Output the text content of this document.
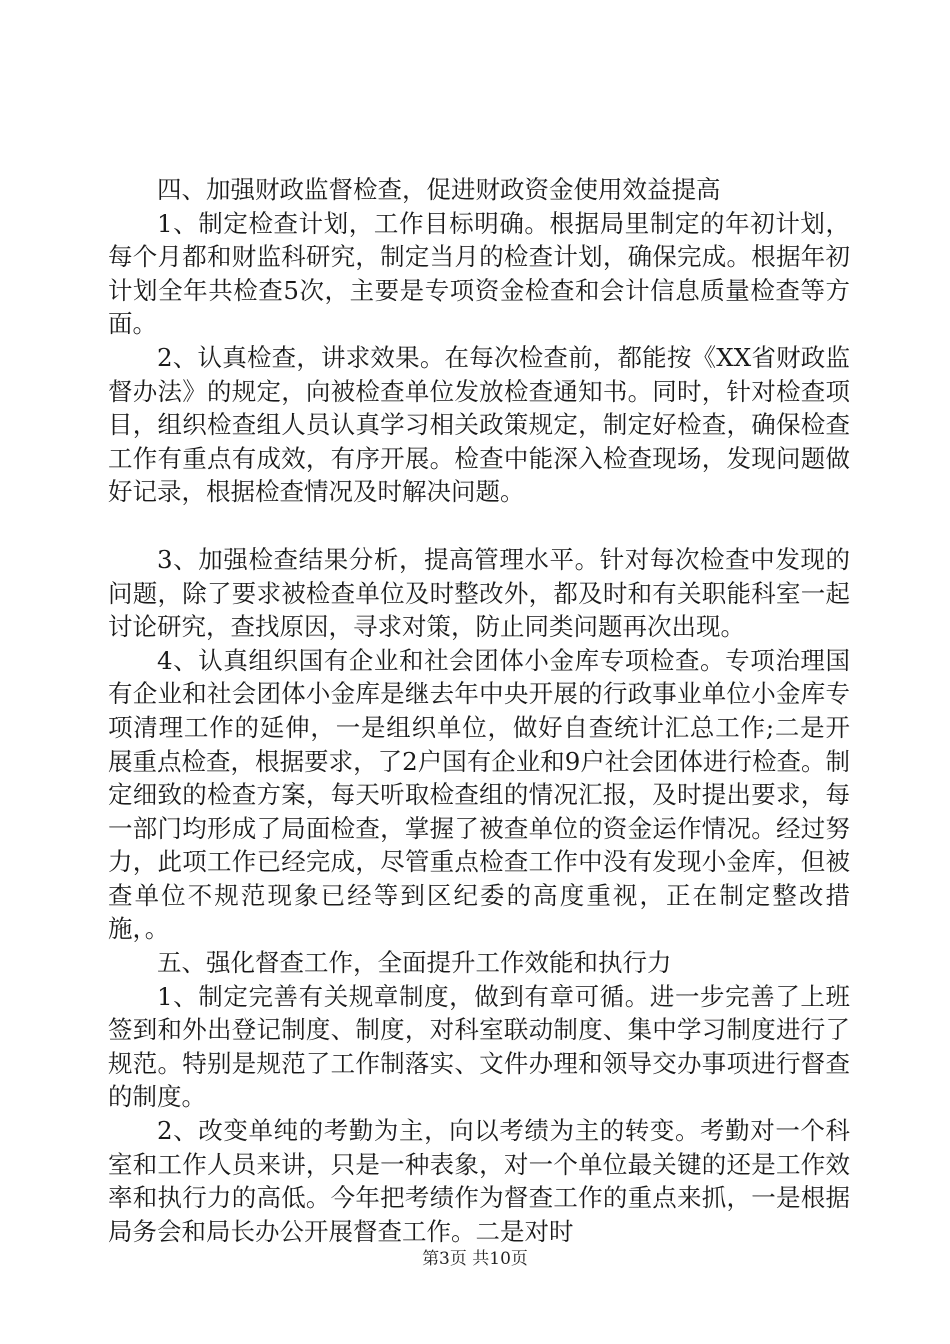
四、加强财政监督检查，促进财政资金使用效益提高

1、制定检查计划，工作目标明确。根据局里制定的年初计划，每个月都和财监科研究，制定当月的检查计划，确保完成。根据年初计划全年共检查5次，主要是专项资金检查和会计信息质量检查等方面。

2、认真检查，讲求效果。在每次检查前，都能按《XX省财政监督办法》的规定，向被检查单位发放检查通知书。同时，针对检查项目，组织检查组人员认真学习相关政策规定，制定好检查，确保检查工作有重点有成效，有序开展。检查中能深入检查现场，发现问题做好记录，根据检查情况及时解决问题。

3、加强检查结果分析，提高管理水平。针对每次检查中发现的问题，除了要求被检查单位及时整改外，都及时和有关职能科室一起讨论研究，查找原因，寻求对策，防止同类问题再次出现。

4、认真组织国有企业和社会团体小金库专项检查。专项治理国有企业和社会团体小金库是继去年中央开展的行政事业单位小金库专项清理工作的延伸，一是组织单位，做好自查统计汇总工作;二是开展重点检查，根据要求，了2户国有企业和9户社会团体进行检查。制定细致的检查方案，每天听取检查组的情况汇报，及时提出要求，每一部门均形成了局面检查，掌握了被查单位的资金运作情况。经过努力，此项工作已经完成，尽管重点检查工作中没有发现小金库，但被查单位不规范现象已经等到区纪委的高度重视，正在制定整改措施，。

五、强化督查工作，全面提升工作效能和执行力

1、制定完善有关规章制度，做到有章可循。进一步完善了上班签到和外出登记制度、制度，对科室联动制度、集中学习制度进行了规范。特别是规范了工作制落实、文件办理和领导交办事项进行督查的制度。

2、改变单纯的考勤为主，向以考绩为主的转变。考勤对一个科室和工作人员来讲，只是一种表象，对一个单位最关键的还是工作效率和执行力的高低。今年把考绩作为督查工作的重点来抓，一是根据局务会和局长办公开展督查工作。二是对时

第3页 共10页
